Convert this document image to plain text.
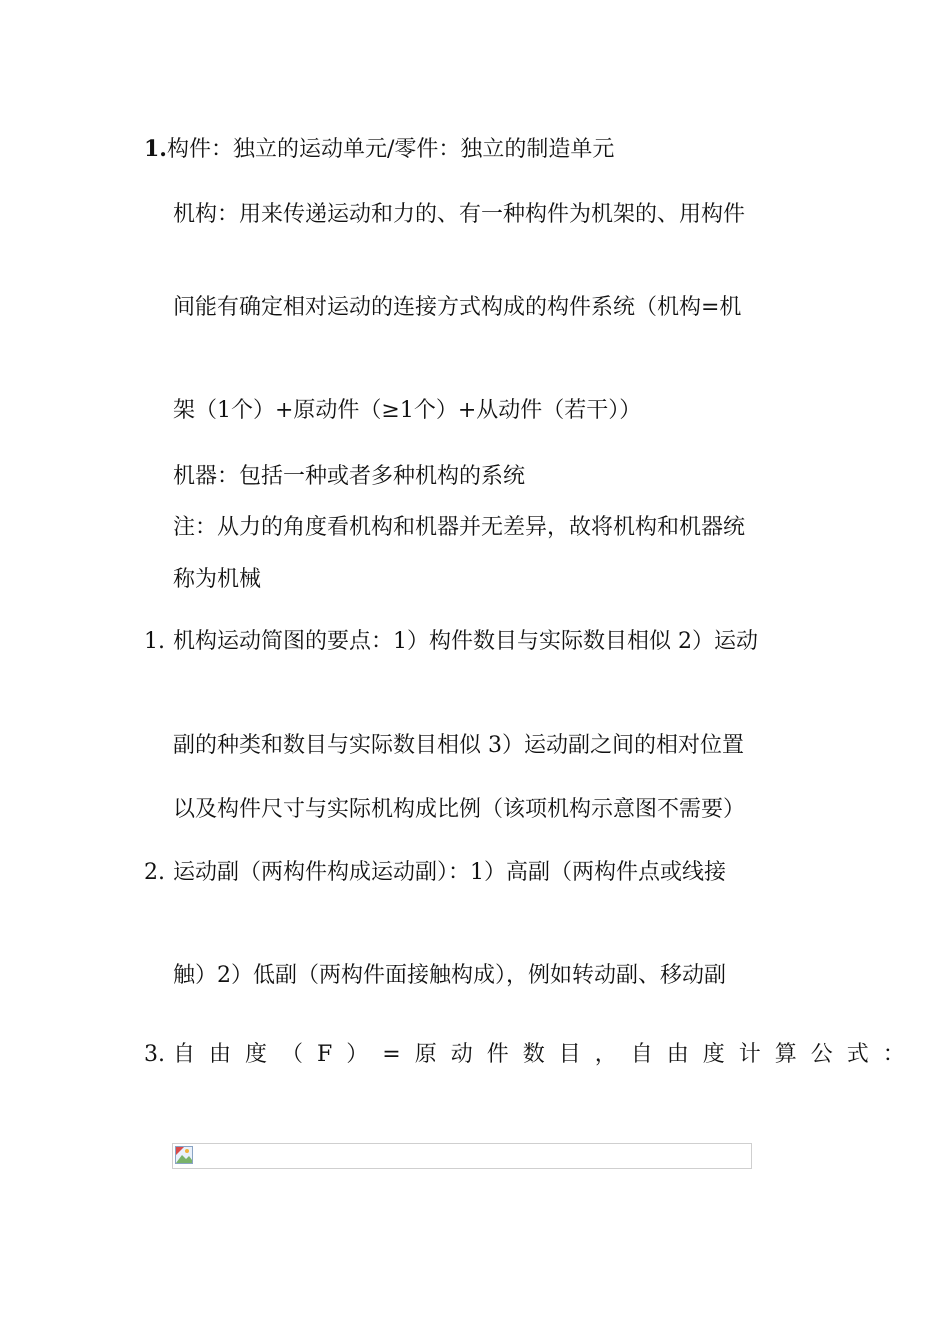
1.构件：独立的运动单元/零件：独立的制造单元
机构：用来传递运动和力的、有一种构件为机架的、用构件
间能有确定相对运动的连接方式构成的构件系统（机构=机
架（1个）+原动件（≥1个）+从动件（若干））
机器：包括一种或者多种机构的系统
注：从力的角度看机构和机器并无差异，故将机构和机器统
称为机械
1. 机构运动简图的要点：1）构件数目与实际数目相似 2）运动
副的种类和数目与实际数目相似 3）运动副之间的相对位置
以及构件尺寸与实际机构成比例（该项机构示意图不需要）
2. 运动副（两构件构成运动副）：1）高副（两构件点或线接
触）2）低副（两构件面接触构成），例如转动副、移动副
3. 自由度（F）=原动件数目，自由度计算公式：
